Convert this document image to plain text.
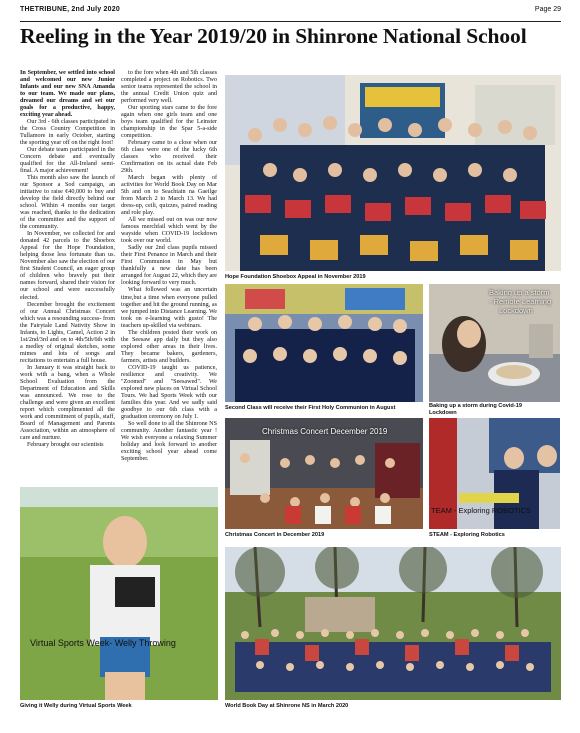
THETRIBUNE, 2nd July 2020	Page 29
Reeling in the Year 2019/20 in Shinrone National School

In September, we settled into school and welcomed our new Junior Infants and our new SNA Amanda to our team. We made our plans, dreamed our dreams and set our goals for a productive, happy, exciting year ahead.

Our 3rd - 6th classes participated in the Cross Country Competition in Tullamore in early October, starting the sporting year off on the right foot!

Our debate team participated in the Concern debate and eventually qualified for the All-Ireland semi-final. A major achievement!

This month also saw the launch of our Sponsor a Sod campaign, an initiative to raise €40,000 to buy and develop the field directly behind our school. Within 4 months our target was reached, thanks to the dedication of the committee and the support of the community.

In November, we collected for and donated 42 parcels to the Shoebox Appeal for the Hope Foundation, helping those less fortunate than us. November also saw the election of our first Student Council, an eager group of children who bravely put their names forward, shared their vision for our school and were successfully elected.

December brought the excitement of our Annual Christmas Concert which was a resounding success- from the Fairytale Land Nativity Show in Infants, to Lights, Camel, Action 2 in 1st/2nd/3rd and on to 4th/5th/6th with a medley of original sketches, some mimes and lots of songs and recitations to entertain a full house.

In January it was straight back to work with a bang, when a Whole School Evaluation from the Department of Education and Skills was announced. We rose to the challenge and were given an excellent report which complimented all the work and commitment of pupils, staff, Board of Management and Parents Association, within an atmosphere of care and nurture.

February brought our scientists

to the fore when 4th and 5th classes completed a project on Robotics. Two senior teams represented the school in the annual Credit Union quiz and performed very well.

Our sporting stars came to the fore again when one girls team and one boys team qualified for the Leinster championship in the Spar 5-a-side competition.

February came to a close when our 6th class were one of the lucky 6th classes who received their Confirmation on its actual date Feb 29th.

March began with plenty of activities for World Book Day on Mar 5th and on to Seachtain na Gaeilge from March 2 to March 13. We had dress-up, ceili, quizzes, paired reading and role play.

All we missed out on was our now famous merchfail which went by the wayside when COVID-19 lockdown took over our world.

Sadly our 2nd class pupils missed their First Penance in March and their First Communion in May but thankfully a new date has been arranged for August 22, which they are looking forward to very much.

What followed was an uncertain time,but a time when everyone pulled together and hit the ground running, as we jumped into Distance Learning. We took on e-learning with gusto! The teachers up-skilled via webinars.

The children posted their work on the Seesaw app daily but they also explored other areas in their lives. They became bakers, gardeners, farmers, artists and builders.

COVID-19 taught us patience, resilience and creativity. We "Zoomed" and "Seesawed". We explored new places on Virtual School Tours. We had Sports Week with our families this year. And we sadly said goodbye to our 6th class with a graduation ceremony on July 1.

So well done to all the Shinrone NS community. Another fantastic year ! We wish everyone a relaxing Summer holiday and look forward to another exciting school year ahead come September.

Hope Foundation Shoebox Appeal in November 2019
Second Class will receive their First Holy Communion in August
Baking up a storm
- Remote Learning
Lockdown
Baking up a storm during Covid-19
Lockdown
Christmas Concert December 2019
Christmas Concert in December 2019
TEAM - Exploring ROBOTICS
STEAM - Exploring Robotics
Virtual Sports Week- Welly Throwing
Giving it Welly during Virtual Sports Week	World Book Day at Shinrone NS in March 2020
